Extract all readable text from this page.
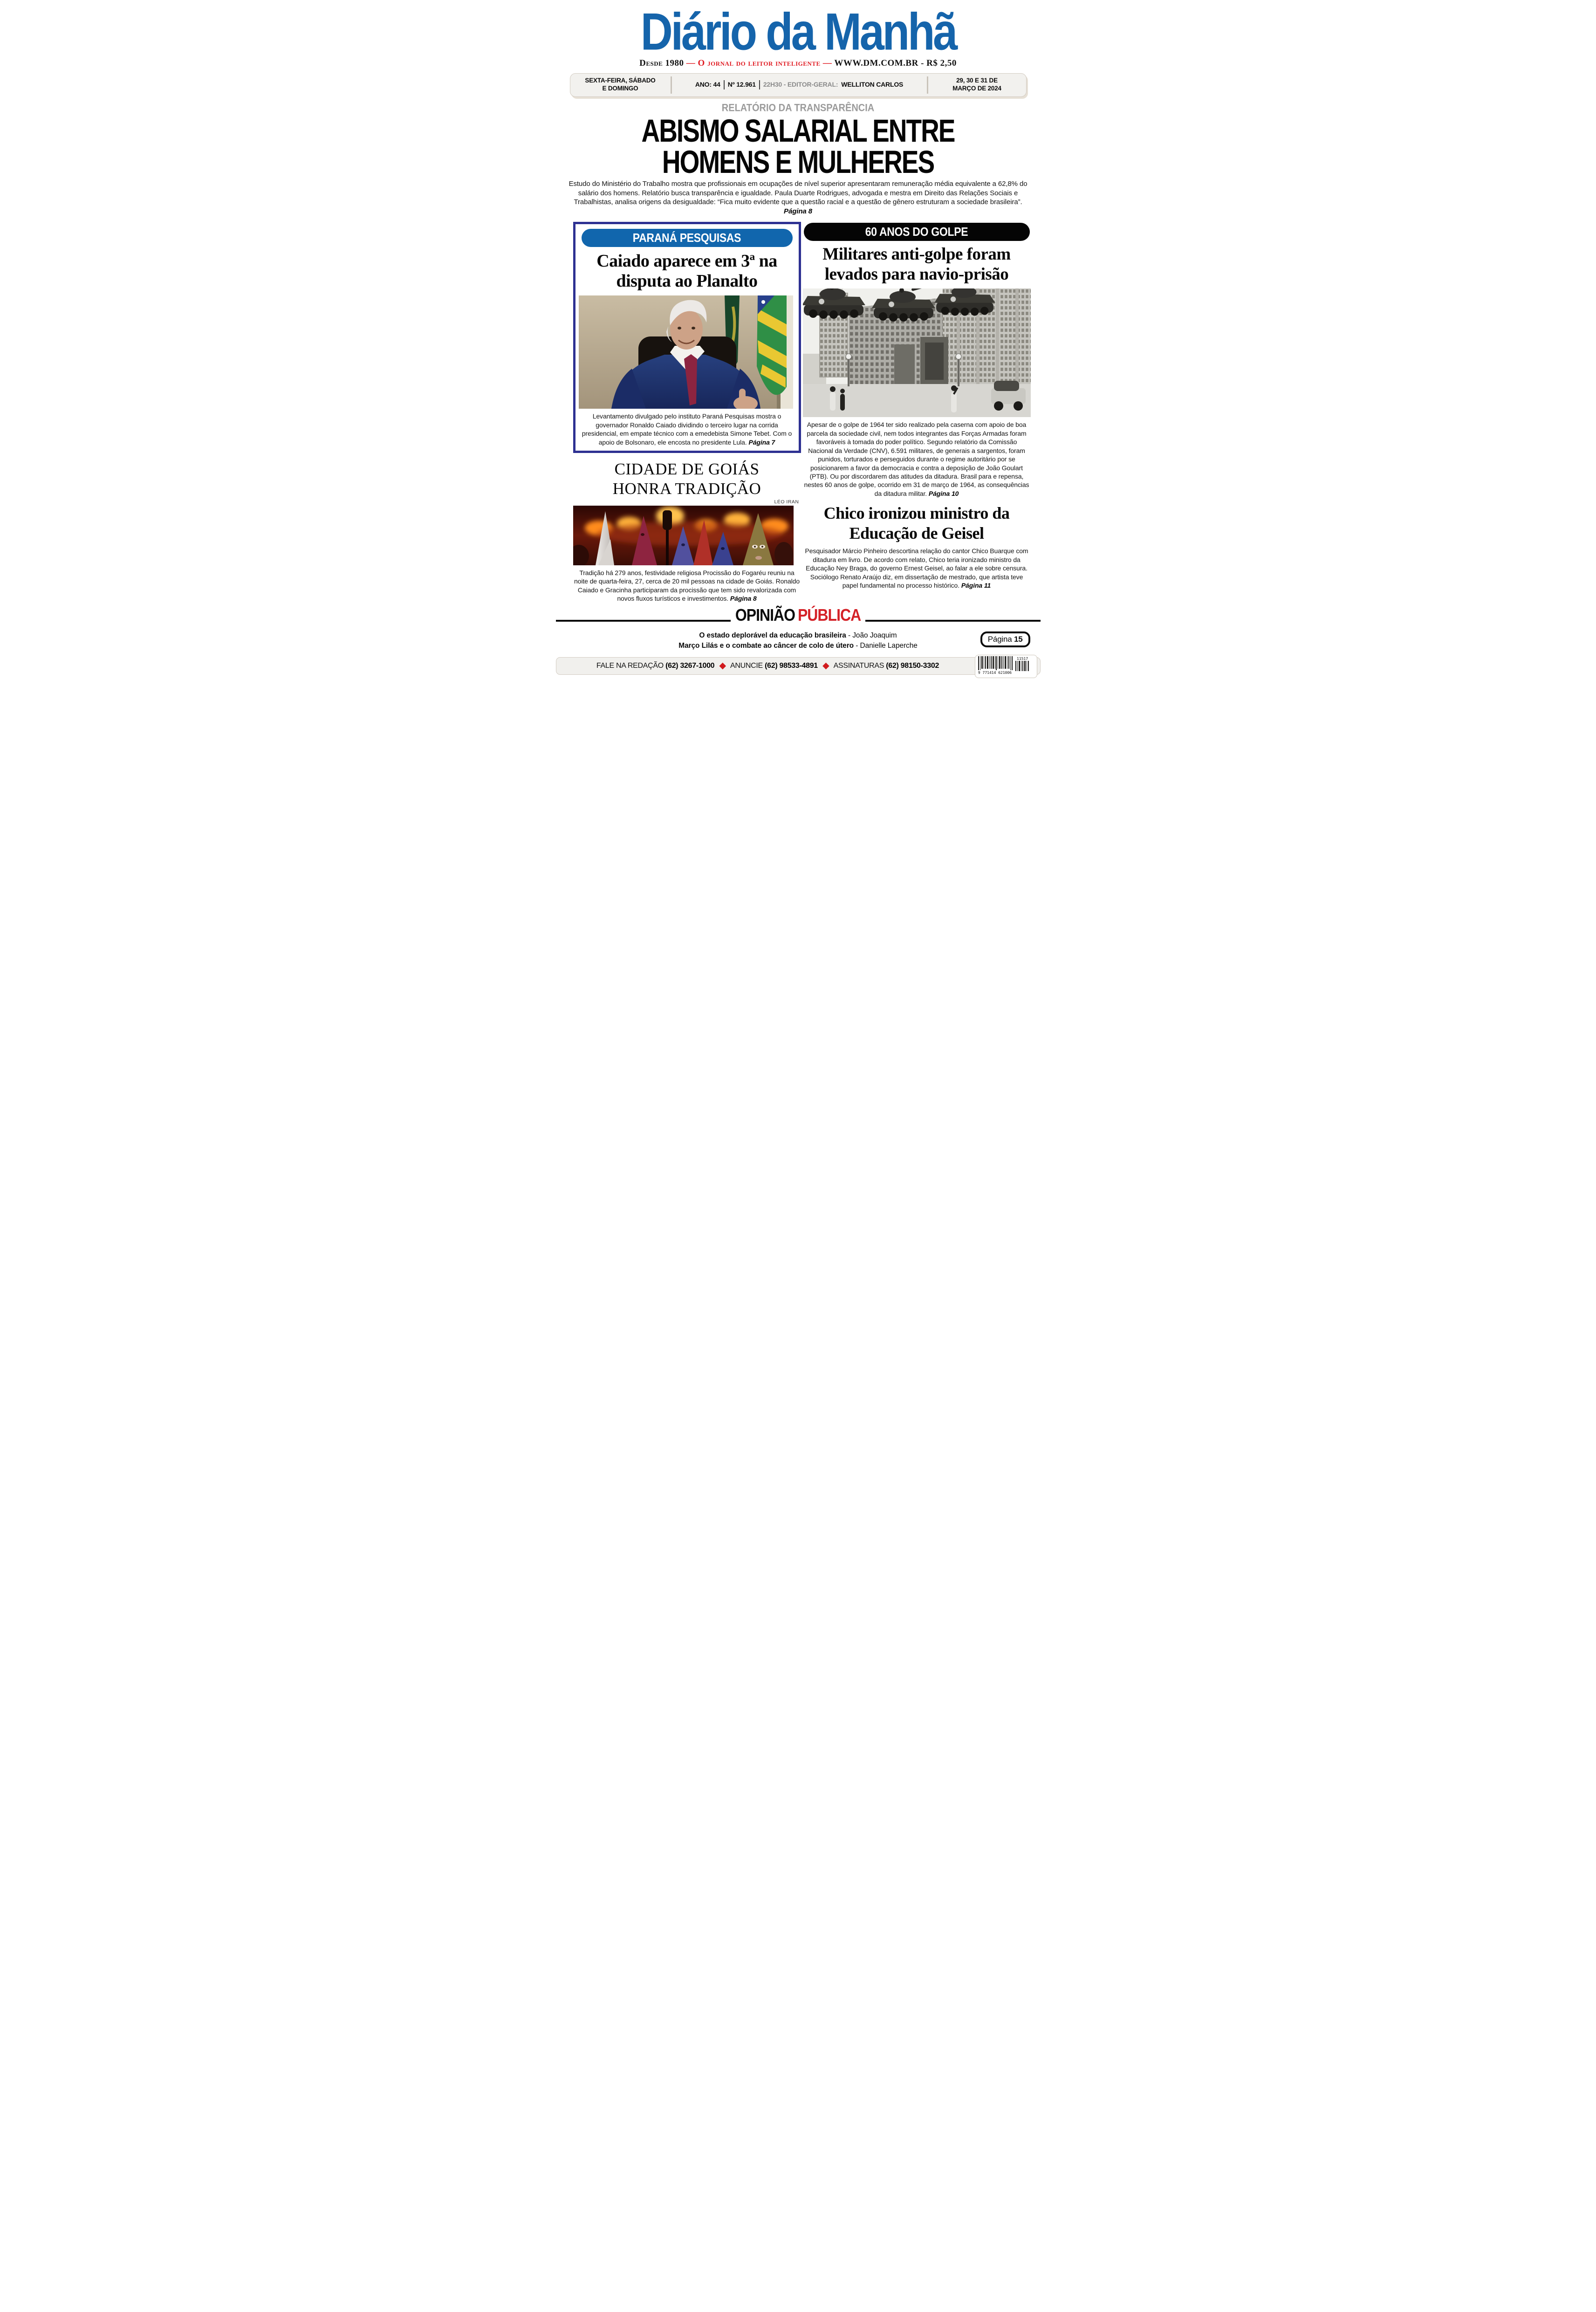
Diário da Manhã
Desde 1980 — O jornal do leitor inteligente — WWW.DM.COM.BR - R$ 2,50
SEXTA-FEIRA, SÁBADO
E DOMINGO
ANO: 44 Nº 12.961 22H30 - EDITOR-GERAL: WELLITON CARLOS
29, 30 E 31 DE
MARÇO DE 2024
RELATÓRIO DA TRANSPARÊNCIA
ABISMO SALARIAL ENTRE
HOMENS E MULHERES

Estudo do Ministério do Trabalho mostra que profissionais em ocupações de nível superior apresentaram remuneração média equivalente a 62,8% do salário dos homens. Relatório busca transparência e igualdade. Paula Duarte Rodrigues, advogada e mestra em Direito das Relações Sociais e Trabalhistas, analisa origens da desigualdade: “Fica muito evidente que a questão racial e a questão de gênero estruturam a sociedade brasileira”. Página 8

PARANÁ PESQUISAS
Caiado aparece em 3ª na disputa ao Planalto

Levantamento divulgado pelo instituto Paraná Pesquisas mostra o governador Ronaldo Caiado dividindo o terceiro lugar na corrida presidencial, em empate técnico com a emedebista Simone Tebet. Com o apoio de Bolsonaro, ele encosta no presidente Lula. Página 7

CIDADE DE GOIÁS
HONRA TRADIÇÃO
LÉO IRAN

Tradição há 279 anos, festividade religiosa Procissão do Fogaréu reuniu na noite de quarta-feira, 27, cerca de 20 mil pessoas na cidade de Goiás. Ronaldo Caiado e Gracinha participaram da procissão que tem sido revalorizada com novos fluxos turísticos e investimentos. Página 8

60 ANOS DO GOLPE
Militares anti-golpe foram levados para navio-prisão

Apesar de o golpe de 1964 ter sido realizado pela caserna com apoio de boa parcela da sociedade civil, nem todos integrantes das Forças Armadas foram favoráveis à tomada do poder político. Segundo relatório da Comissão Nacional da Verdade (CNV), 6.591 militares, de generais a sargentos, foram punidos, torturados e perseguidos durante o regime autoritário por se posicionarem a favor da democracia e contra a deposição de João Goulart (PTB). Ou por discordarem das atitudes da ditadura. Brasil para e repensa, nestes 60 anos de golpe, ocorrido em 31 de março de 1964, as consequências da ditadura militar. Página 10

Chico ironizou ministro da Educação de Geisel

Pesquisador Márcio Pinheiro descortina relação do cantor Chico Buarque com ditadura em livro. De acordo com relato, Chico teria ironizado ministro da Educação Ney Braga, do governo Ernest Geisel, ao falar a ele sobre censura. Sociólogo Renato Araújo diz, em dissertação de mestrado, que artista teve papel fundamental no processo histórico. Página 11

OPINIÃO PÚBLICA
O estado deplorável da educação brasileira - João Joaquim
Março Lilás e o combate ao câncer de colo de útero - Danielle Laperche
Página 15
FALE NA REDAÇÃO (62) 3267-1000 ◆ ANUNCIE (62) 98533-4891 ◆ ASSINATURAS (62) 98150-3302
9 771414 621006
11517
